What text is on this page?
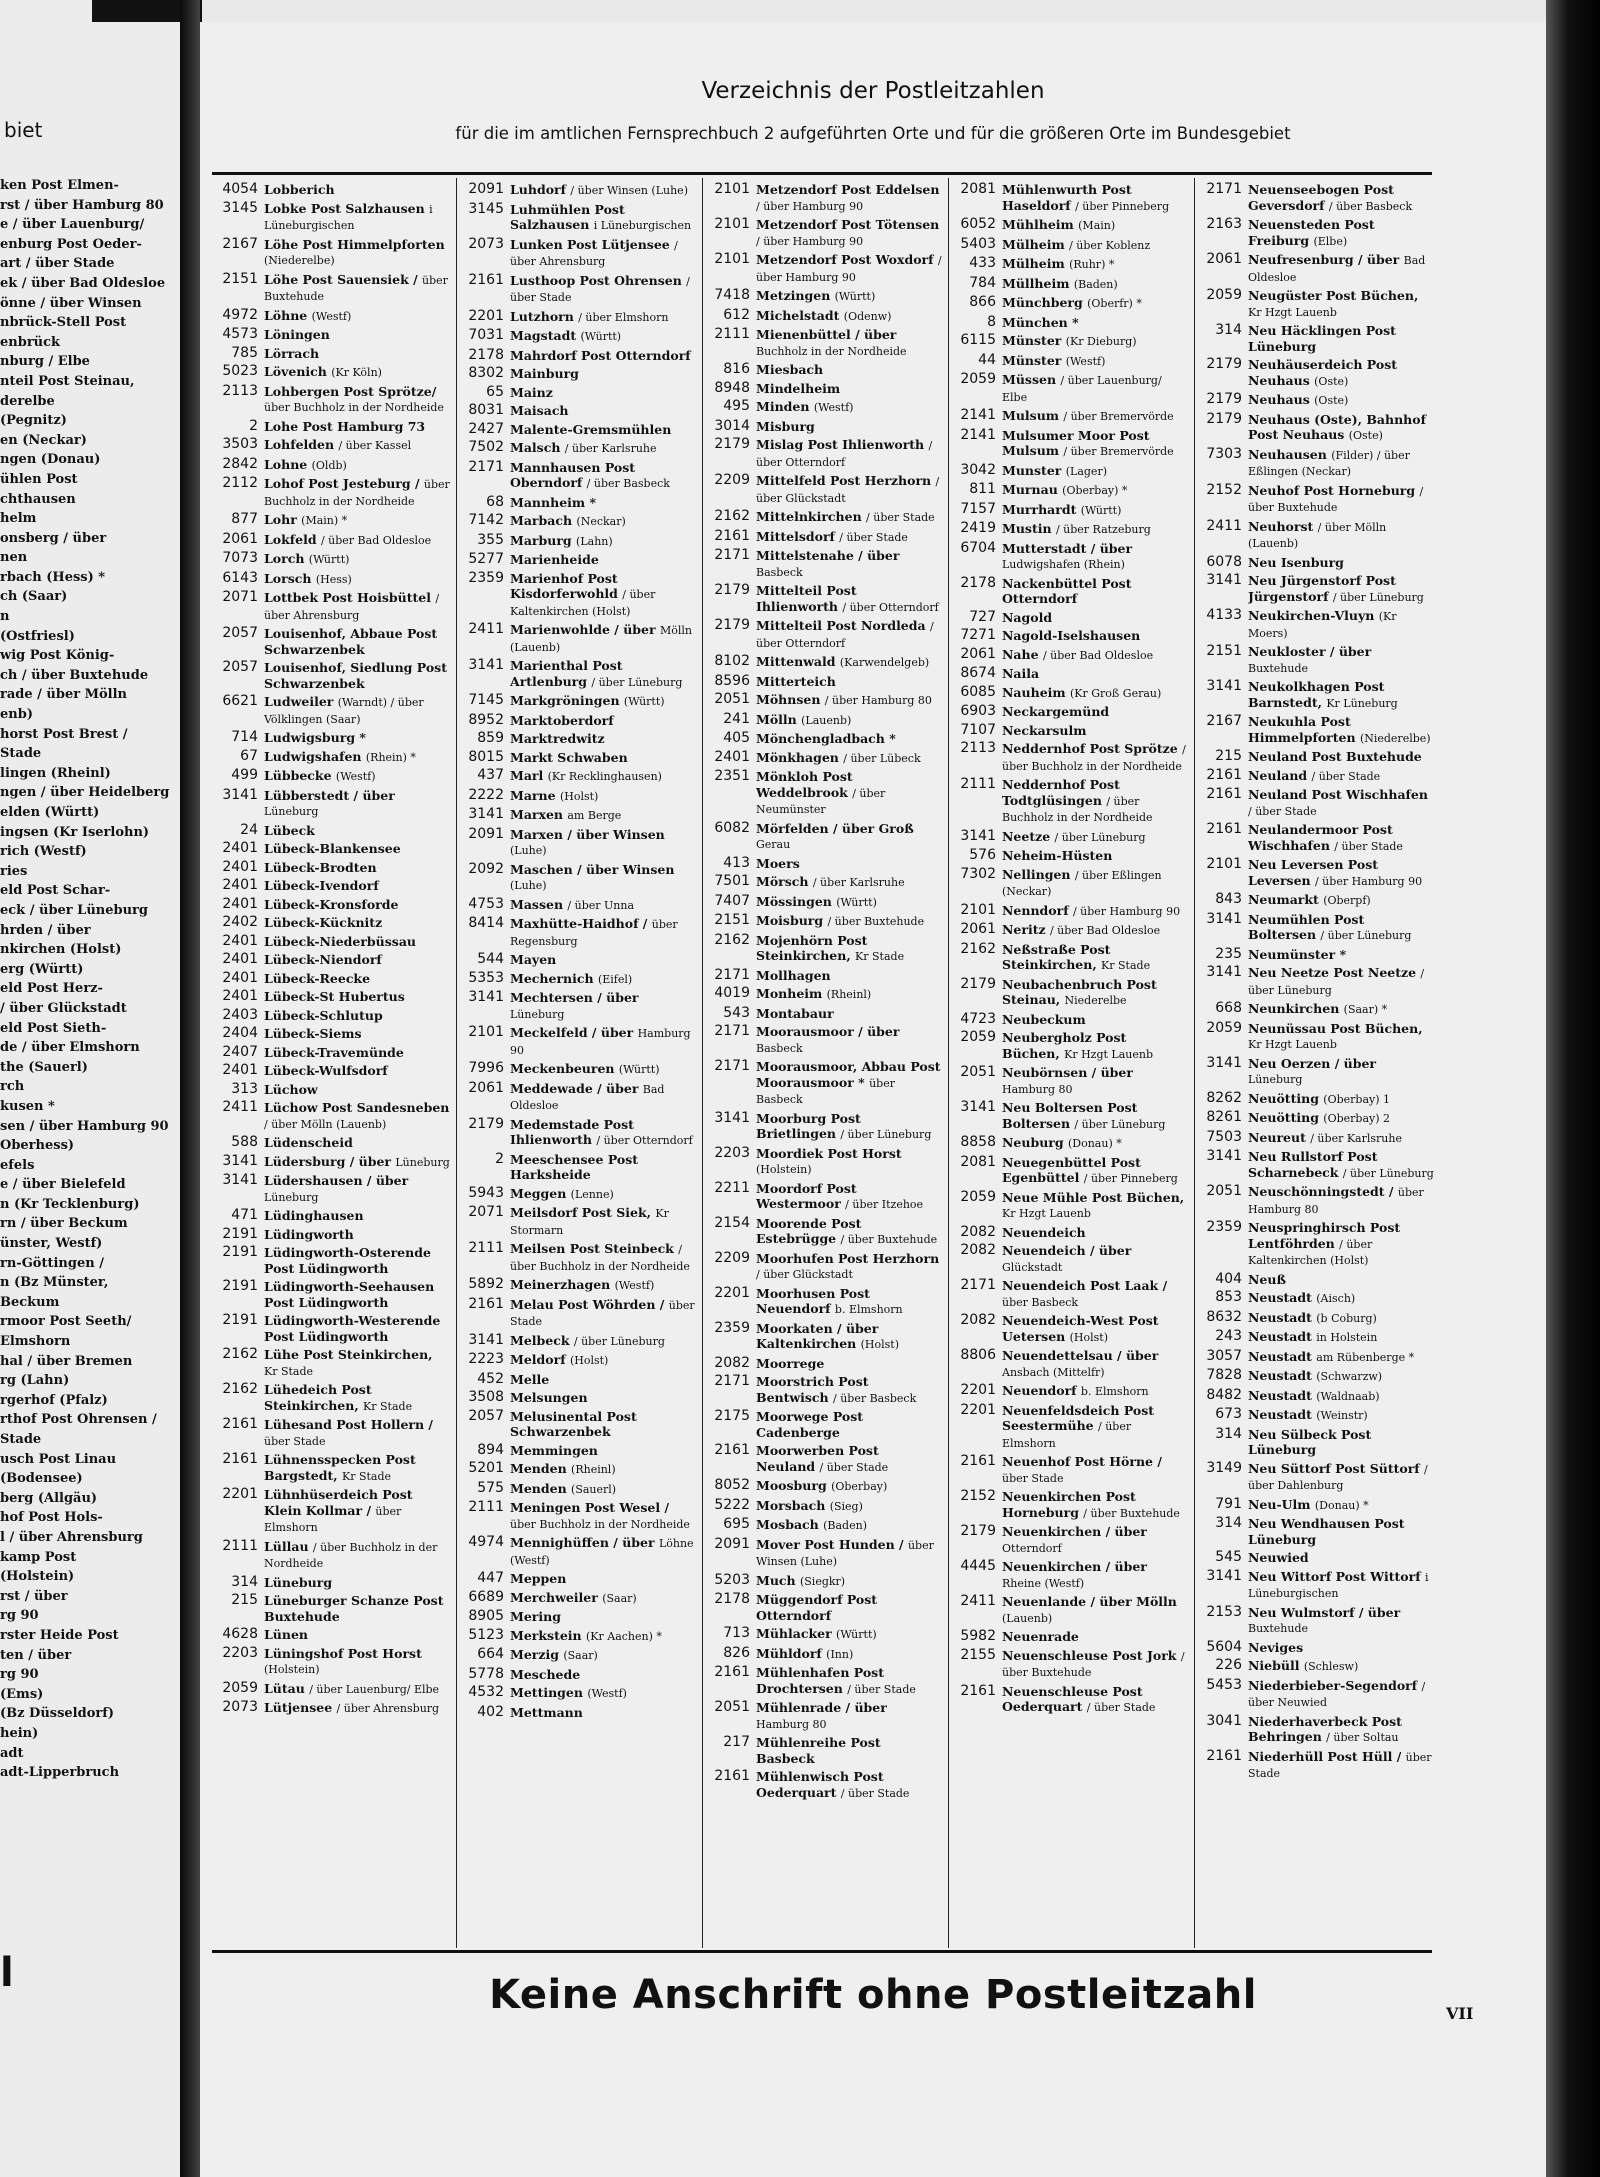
biet
ken Post Elmen-
rst / über Hamburg 80
e / über Lauenburg/
enburg Post Oeder-
art / über Stade
ek / über Bad Oldesloe
önne / über Winsen
nbrück-Stell Post
enbrück
nburg / Elbe
nteil Post Steinau,
derelbe
(Pegnitz)
en (Neckar)
ngen (Donau)
ühlen Post
chthausen
helm
onsberg / über
nen
rbach (Hess) *
ch (Saar)
n
(Ostfriesl)
wig Post König-
ch / über Buxtehude
rade / über Mölln
enb)
horst Post Brest /
Stade
lingen (Rheinl)
ngen / über Heidelberg
elden (Württ)
ingsen (Kr Iserlohn)
rich (Westf)
ries
eld Post Schar-
eck / über Lüneburg
hrden / über
nkirchen (Holst)
erg (Württ)
eld Post Herz-
/ über Glückstadt
eld Post Sieth-
de / über Elmshorn
the (Sauerl)
rch
kusen *
sen / über Hamburg 90
Oberhess)
efels
e / über Bielefeld
n (Kr Tecklenburg)
rn / über Beckum
ünster, Westf)
rn-Göttingen /
n (Bz Münster,
Beckum
rmoor Post Seeth/
Elmshorn
hal / über Bremen
rg (Lahn)
rgerhof (Pfalz)
rthof Post Ohrensen /
Stade
usch Post Linau
(Bodensee)
berg (Allgäu)
hof Post Hols-
l / über Ahrensburg
kamp Post
(Holstein)
rst / über
rg 90
rster Heide Post
ten / über
rg 90
(Ems)
(Bz Düsseldorf)
hein)
adt
adt-Lipperbruch
l
Verzeichnis der Postleitzahlen
für die im amtlichen Fernsprechbuch 2 aufgeführten Orte und für die größeren Orte im Bundesgebiet
4054 Lobberich
3145 Lobke Post Salzhausen i Lüneburgischen
2167 Löhe Post Himmelpforten (Niederelbe)
2151 Löhe Post Sauensiek / über Buxtehude
4972 Löhne (Westf)
4573 Löningen
785 Lörrach
5023 Lövenich (Kr Köln)
2113 Lohbergen Post Sprötze/ über Buchholz in der Nordheide
2 Lohe Post Hamburg 73
3503 Lohfelden / über Kassel
2842 Lohne (Oldb)
2112 Lohof Post Jesteburg / über Buchholz in der Nordheide
877 Lohr (Main) *
2061 Lokfeld / über Bad Oldesloe
7073 Lorch (Württ)
6143 Lorsch (Hess)
2071 Lottbek Post Hoisbüttel / über Ahrensburg
2057 Louisenhof, Abbaue Post Schwarzenbek
2057 Louisenhof, Siedlung Post Schwarzenbek
6621 Ludweiler (Warndt) / über Völklingen (Saar)
714 Ludwigsburg *
67 Ludwigshafen (Rhein) *
499 Lübbecke (Westf)
3141 Lübberstedt / über Lüneburg
24 Lübeck
2401 Lübeck-Blankensee
2401 Lübeck-Brodten
2401 Lübeck-Ivendorf
2401 Lübeck-Kronsforde
2402 Lübeck-Kücknitz
2401 Lübeck-Niederbüssau
2401 Lübeck-Niendorf
2401 Lübeck-Reecke
2401 Lübeck-St Hubertus
2403 Lübeck-Schlutup
2404 Lübeck-Siems
2407 Lübeck-Travemünde
2401 Lübeck-Wulfsdorf
313 Lüchow
2411 Lüchow Post Sandesneben / über Mölln (Lauenb)
588 Lüdenscheid
3141 Lüdersburg / über Lüneburg
3141 Lüdershausen / über Lüneburg
471 Lüdinghausen
2191 Lüdingworth
2191 Lüdingworth-Osterende Post Lüdingworth
2191 Lüdingworth-Seehausen Post Lüdingworth
2191 Lüdingworth-Westerende Post Lüdingworth
2162 Lühe Post Steinkirchen, Kr Stade
2162 Lühedeich Post Steinkirchen, Kr Stade
2161 Lühesand Post Hollern / über Stade
2161 Lühnensspecken Post Bargstedt, Kr Stade
2201 Lühnhüserdeich Post Klein Kollmar / über Elmshorn
2111 Lüllau / über Buchholz in der Nordheide
314 Lüneburg
215 Lüneburger Schanze Post Buxtehude
4628 Lünen
2203 Lüningshof Post Horst (Holstein)
2059 Lütau / über Lauenburg/ Elbe
2073 Lütjensee / über Ahrensburg
2091 Luhdorf / über Winsen (Luhe)
3145 Luhmühlen Post Salzhausen i Lüneburgischen
2073 Lunken Post Lütjensee / über Ahrensburg
2161 Lusthoop Post Ohrensen / über Stade
2201 Lutzhorn / über Elmshorn
7031 Magstadt (Württ)
2178 Mahrdorf Post Otterndorf
8302 Mainburg
65 Mainz
8031 Maisach
2427 Malente-Gremsmühlen
7502 Malsch / über Karlsruhe
2171 Mannhausen Post Oberndorf / über Basbeck
68 Mannheim *
7142 Marbach (Neckar)
355 Marburg (Lahn)
5277 Marienheide
2359 Marienhof Post Kisdorferwohld / über Kaltenkirchen (Holst)
2411 Marienwohlde / über Mölln (Lauenb)
3141 Marienthal Post Artlenburg / über Lüneburg
7145 Markgröningen (Württ)
8952 Marktoberdorf
859 Marktredwitz
8015 Markt Schwaben
437 Marl (Kr Recklinghausen)
2222 Marne (Holst)
3141 Marxen am Berge
2091 Marxen / über Winsen (Luhe)
2092 Maschen / über Winsen (Luhe)
4753 Massen / über Unna
8414 Maxhütte-Haidhof / über Regensburg
544 Mayen
5353 Mechernich (Eifel)
3141 Mechtersen / über Lüneburg
2101 Meckelfeld / über Hamburg 90
7996 Meckenbeuren (Württ)
2061 Meddewade / über Bad Oldesloe
2179 Medemstade Post Ihlienworth / über Otterndorf
2 Meeschensee Post Harksheide
5943 Meggen (Lenne)
2071 Meilsdorf Post Siek, Kr Stormarn
2111 Meilsen Post Steinbeck / über Buchholz in der Nordheide
5892 Meinerzhagen (Westf)
2161 Melau Post Wöhrden / über Stade
3141 Melbeck / über Lüneburg
2223 Meldorf (Holst)
452 Melle
3508 Melsungen
2057 Melusinental Post Schwarzenbek
894 Memmingen
5201 Menden (Rheinl)
575 Menden (Sauerl)
2111 Meningen Post Wesel / über Buchholz in der Nordheide
4974 Mennighüffen / über Löhne (Westf)
447 Meppen
6689 Merchweiler (Saar)
8905 Mering
5123 Merkstein (Kr Aachen) *
664 Merzig (Saar)
5778 Meschede
4532 Mettingen (Westf)
402 Mettmann
2101 Metzendorf Post Eddelsen / über Hamburg 90
2101 Metzendorf Post Tötensen / über Hamburg 90
2101 Metzendorf Post Woxdorf / über Hamburg 90
7418 Metzingen (Württ)
612 Michelstadt (Odenw)
2111 Mienenbüttel / über Buchholz in der Nordheide
816 Miesbach
8948 Mindelheim
495 Minden (Westf)
3014 Misburg
2179 Mislag Post Ihlienworth / über Otterndorf
2209 Mittelfeld Post Herzhorn / über Glückstadt
2162 Mittelnkirchen / über Stade
2161 Mittelsdorf / über Stade
2171 Mittelstenahe / über Basbeck
2179 Mittelteil Post Ihlienworth / über Otterndorf
2179 Mittelteil Post Nordleda / über Otterndorf
8102 Mittenwald (Karwendelgeb)
8596 Mitterteich
2051 Möhnsen / über Hamburg 80
241 Mölln (Lauenb)
405 Mönchengladbach *
2401 Mönkhagen / über Lübeck
2351 Mönkloh Post Weddelbrook / über Neumünster
6082 Mörfelden / über Groß Gerau
413 Moers
7501 Mörsch / über Karlsruhe
7407 Mössingen (Württ)
2151 Moisburg / über Buxtehude
2162 Mojenhörn Post Steinkirchen, Kr Stade
2171 Mollhagen
4019 Monheim (Rheinl)
543 Montabaur
2171 Moorausmoor / über Basbeck
2171 Moorausmoor, Abbau Post Moorausmoor * über Basbeck
3141 Moorburg Post Brietlingen / über Lüneburg
2203 Moordiek Post Horst (Holstein)
2211 Moordorf Post Westermoor / über Itzehoe
2154 Moorende Post Estebrügge / über Buxtehude
2209 Moorhufen Post Herzhorn / über Glückstadt
2201 Moorhusen Post Neuendorf b. Elmshorn
2359 Moorkaten / über Kaltenkirchen (Holst)
2082 Moorrege
2171 Moorstrich Post Bentwisch / über Basbeck
2175 Moorwege Post Cadenberge
2161 Moorwerben Post Neuland / über Stade
8052 Moosburg (Oberbay)
5222 Morsbach (Sieg)
695 Mosbach (Baden)
2091 Mover Post Hunden / über Winsen (Luhe)
5203 Much (Siegkr)
2178 Müggendorf Post Otterndorf
713 Mühlacker (Württ)
826 Mühldorf (Inn)
2161 Mühlenhafen Post Drochtersen / über Stade
2051 Mühlenrade / über Hamburg 80
217 Mühlenreihe Post Basbeck
2161 Mühlenwisch Post Oederquart / über Stade
2081 Mühlenwurth Post Haseldorf / über Pinneberg
6052 Mühlheim (Main)
5403 Mülheim / über Koblenz
433 Mülheim (Ruhr) *
784 Müllheim (Baden)
866 Münchberg (Oberfr) *
8 München *
6115 Münster (Kr Dieburg)
44 Münster (Westf)
2059 Müssen / über Lauenburg/ Elbe
2141 Mulsum / über Bremervörde
2141 Mulsumer Moor Post Mulsum / über Bremervörde
3042 Munster (Lager)
811 Murnau (Oberbay) *
7157 Murrhardt (Württ)
2419 Mustin / über Ratzeburg
6704 Mutterstadt / über Ludwigshafen (Rhein)
2178 Nackenbüttel Post Otterndorf
727 Nagold
7271 Nagold-Iselshausen
2061 Nahe / über Bad Oldesloe
8674 Naila
6085 Nauheim (Kr Groß Gerau)
6903 Neckargemünd
7107 Neckarsulm
2113 Neddernhof Post Sprötze / über Buchholz in der Nordheide
2111 Neddernhof Post Todtglüsingen / über Buchholz in der Nordheide
3141 Neetze / über Lüneburg
576 Neheim-Hüsten
7302 Nellingen / über Eßlingen (Neckar)
2101 Nenndorf / über Hamburg 90
2061 Neritz / über Bad Oldesloe
2162 Neßstraße Post Steinkirchen, Kr Stade
2179 Neubachenbruch Post Steinau, Niederelbe
4723 Neubeckum
2059 Neubergholz Post Büchen, Kr Hzgt Lauenb
2051 Neubörnsen / über Hamburg 80
3141 Neu Boltersen Post Boltersen / über Lüneburg
8858 Neuburg (Donau) *
2081 Neuegenbüttel Post Egenbüttel / über Pinneberg
2059 Neue Mühle Post Büchen, Kr Hzgt Lauenb
2082 Neuendeich
2082 Neuendeich / über Glückstadt
2171 Neuendeich Post Laak / über Basbeck
2082 Neuendeich-West Post Uetersen (Holst)
8806 Neuendettelsau / über Ansbach (Mittelfr)
2201 Neuendorf b. Elmshorn
2201 Neuenfeldsdeich Post Seestermühe / über Elmshorn
2161 Neuenhof Post Hörne / über Stade
2152 Neuenkirchen Post Horneburg / über Buxtehude
2179 Neuenkirchen / über Otterndorf
4445 Neuenkirchen / über Rheine (Westf)
2411 Neuenlande / über Mölln (Lauenb)
5982 Neuenrade
2155 Neuenschleuse Post Jork / über Buxtehude
2161 Neuenschleuse Post Oederquart / über Stade
2171 Neuenseebogen Post Geversdorf / über Basbeck
2163 Neuensteden Post Freiburg (Elbe)
2061 Neufresenburg / über Bad Oldesloe
2059 Neugüster Post Büchen, Kr Hzgt Lauenb
314 Neu Häcklingen Post Lüneburg
2179 Neuhäuserdeich Post Neuhaus (Oste)
2179 Neuhaus (Oste)
2179 Neuhaus (Oste), Bahnhof Post Neuhaus (Oste)
7303 Neuhausen (Filder) / über Eßlingen (Neckar)
2152 Neuhof Post Horneburg / über Buxtehude
2411 Neuhorst / über Mölln (Lauenb)
6078 Neu Isenburg
3141 Neu Jürgenstorf Post Jürgenstorf / über Lüneburg
4133 Neukirchen-Vluyn (Kr Moers)
2151 Neukloster / über Buxtehude
3141 Neukolkhagen Post Barnstedt, Kr Lüneburg
2167 Neukuhla Post Himmelpforten (Niederelbe)
215 Neuland Post Buxtehude
2161 Neuland / über Stade
2161 Neuland Post Wischhafen / über Stade
2161 Neulandermoor Post Wischhafen / über Stade
2101 Neu Leversen Post Leversen / über Hamburg 90
843 Neumarkt (Oberpf)
3141 Neumühlen Post Boltersen / über Lüneburg
235 Neumünster *
3141 Neu Neetze Post Neetze / über Lüneburg
668 Neunkirchen (Saar) *
2059 Neunüssau Post Büchen, Kr Hzgt Lauenb
3141 Neu Oerzen / über Lüneburg
8262 Neuötting (Oberbay) 1
8261 Neuötting (Oberbay) 2
7503 Neureut / über Karlsruhe
3141 Neu Rullstorf Post Scharnebeck / über Lüneburg
2051 Neuschönningstedt / über Hamburg 80
2359 Neuspringhirsch Post Lentföhrden / über Kaltenkirchen (Holst)
404 Neuß
853 Neustadt (Aisch)
8632 Neustadt (b Coburg)
243 Neustadt in Holstein
3057 Neustadt am Rübenberge *
7828 Neustadt (Schwarzw)
8482 Neustadt (Waldnaab)
673 Neustadt (Weinstr)
314 Neu Sülbeck Post Lüneburg
3149 Neu Süttorf Post Süttorf / über Dahlenburg
791 Neu-Ulm (Donau) *
314 Neu Wendhausen Post Lüneburg
545 Neuwied
3141 Neu Wittorf Post Wittorf i Lüneburgischen
2153 Neu Wulmstorf / über Buxtehude
5604 Neviges
226 Niebüll (Schlesw)
5453 Niederbieber-Segendorf / über Neuwied
3041 Niederhaverbeck Post Behringen / über Soltau
2161 Niederhüll Post Hüll / über Stade
Keine Anschrift ohne Postleitzahl	VII
